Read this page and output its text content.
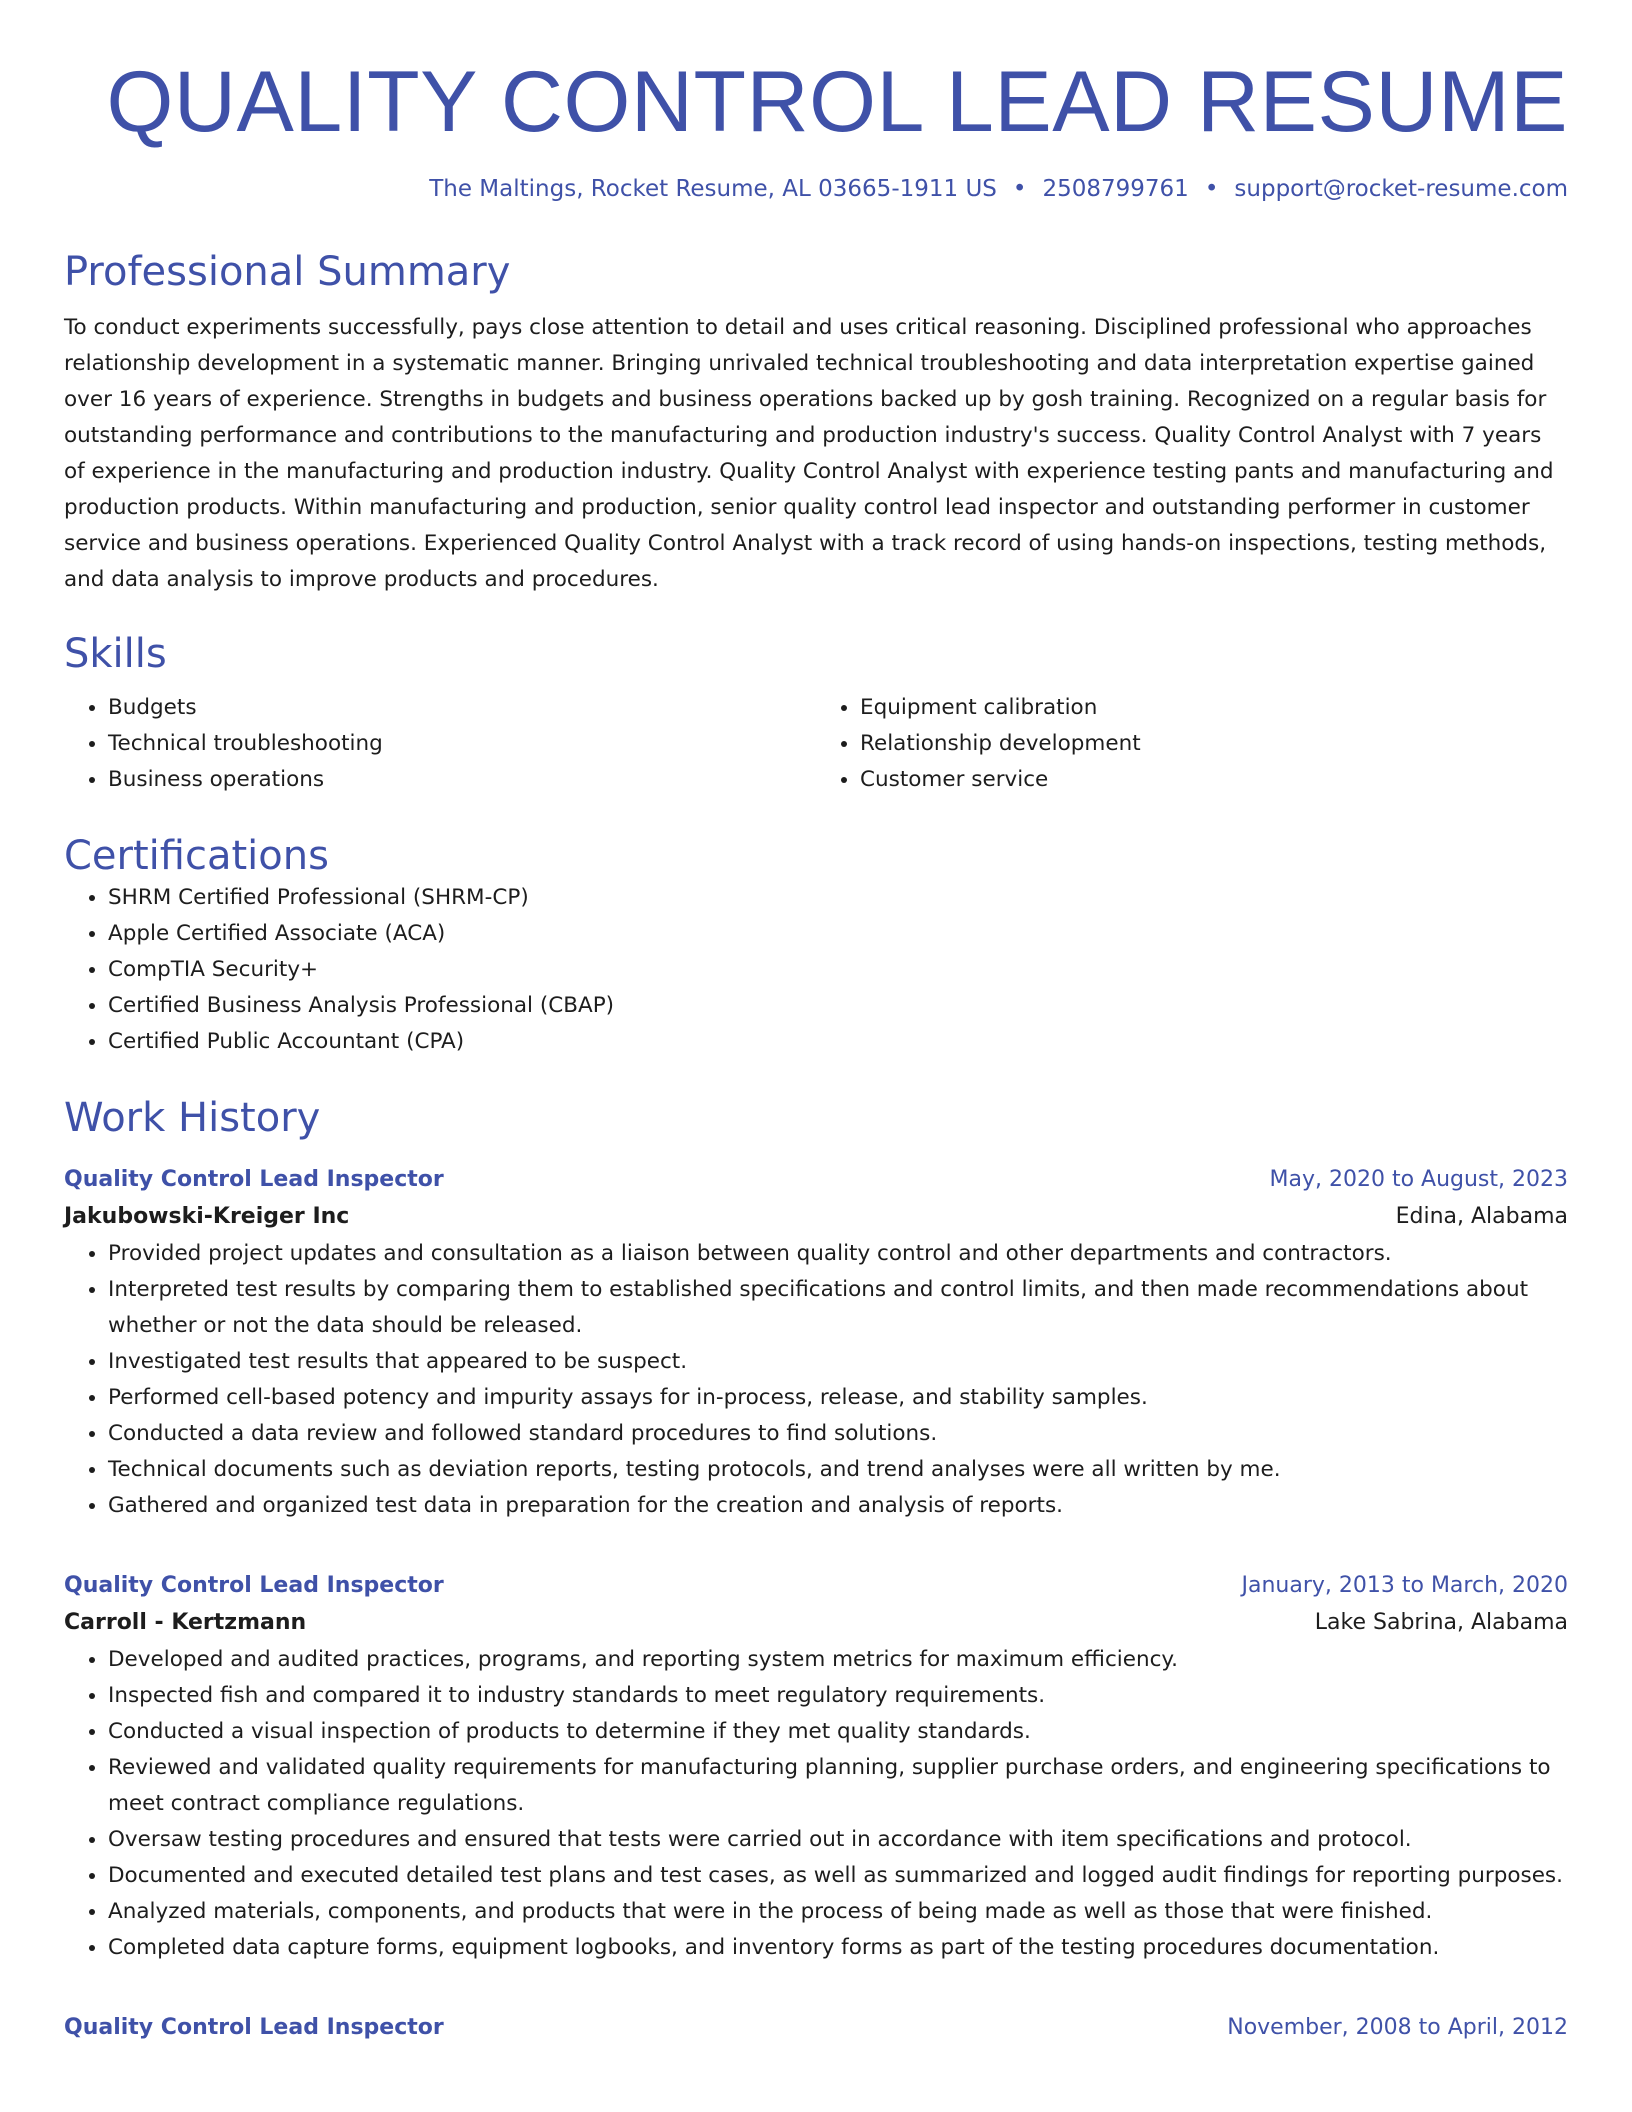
QUALITY CONTROL LEAD RESUME
The Maltings, Rocket Resume, AL 03665-1911 US • 2508799761 • support@rocket-resume.com
Professional Summary

To conduct experiments successfully, pays close attention to detail and uses critical reasoning. Disciplined professional who approaches relationship development in a systematic manner. Bringing unrivaled technical troubleshooting and data interpretation expertise gained over 16 years of experience. Strengths in budgets and business operations backed up by gosh training. Recognized on a regular basis for outstanding performance and contributions to the manufacturing and production industry's success. Quality Control Analyst with 7 years of experience in the manufacturing and production industry. Quality Control Analyst with experience testing pants and manufacturing and production products. Within manufacturing and production, senior quality control lead inspector and outstanding performer in customer service and business operations. Experienced Quality Control Analyst with a track record of using hands-on inspections, testing methods, and data analysis to improve products and procedures.

Skills
• Budgets
• Technical troubleshooting
• Business operations
• Equipment calibration
• Relationship development
• Customer service
Certifications
• SHRM Certified Professional (SHRM-CP)
• Apple Certified Associate (ACA)
• CompTIA Security+
• Certified Business Analysis Professional (CBAP)
• Certified Public Accountant (CPA)
Work History
Quality Control Lead Inspector	May, 2020 to August, 2023
Jakubowski-Kreiger Inc	Edina, Alabama
• Provided project updates and consultation as a liaison between quality control and other departments and contractors.
• Interpreted test results by comparing them to established specifications and control limits, and then made recommendations about whether or not the data should be released.
• Investigated test results that appeared to be suspect.
• Performed cell-based potency and impurity assays for in-process, release, and stability samples.
• Conducted a data review and followed standard procedures to find solutions.
• Technical documents such as deviation reports, testing protocols, and trend analyses were all written by me.
• Gathered and organized test data in preparation for the creation and analysis of reports.
Quality Control Lead Inspector	January, 2013 to March, 2020
Carroll - Kertzmann	Lake Sabrina, Alabama
• Developed and audited practices, programs, and reporting system metrics for maximum efficiency.
• Inspected fish and compared it to industry standards to meet regulatory requirements.
• Conducted a visual inspection of products to determine if they met quality standards.
• Reviewed and validated quality requirements for manufacturing planning, supplier purchase orders, and engineering specifications to meet contract compliance regulations.
• Oversaw testing procedures and ensured that tests were carried out in accordance with item specifications and protocol.
• Documented and executed detailed test plans and test cases, as well as summarized and logged audit findings for reporting purposes.
• Analyzed materials, components, and products that were in the process of being made as well as those that were finished.
• Completed data capture forms, equipment logbooks, and inventory forms as part of the testing procedures documentation.
Quality Control Lead Inspector	November, 2008 to April, 2012
